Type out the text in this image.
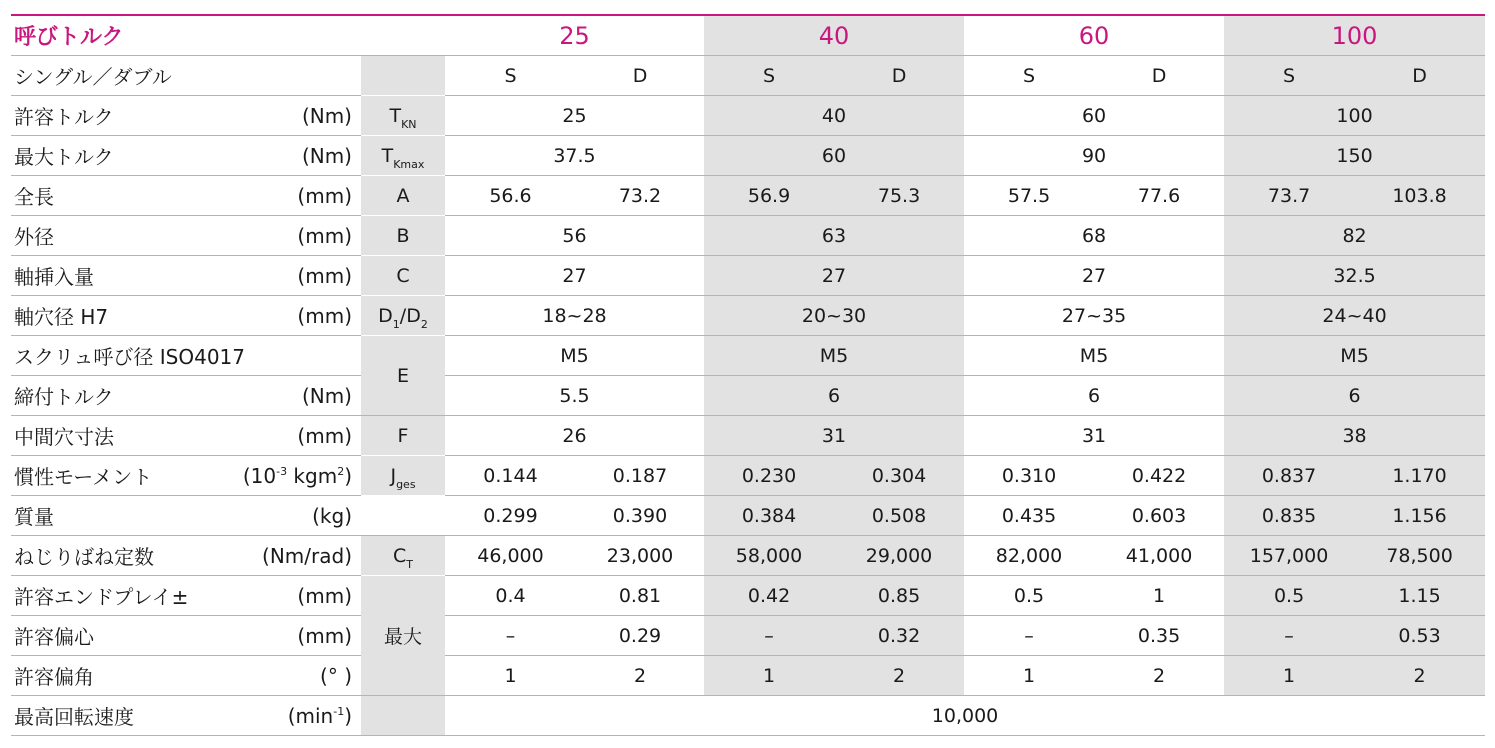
呼びトルク			25		40		60		100	
シングル／ダブル			S	D	S	D	S	D	S	D
許容トルク	(Nm)	$T_{KN}$	25		40		60		100	
最大トルク	(Nm)	$T_{Kmax}$	37.5		60		90		150	
全長	(mm)	A	56.6	73.2	56.9	75.3	57.5	77.6	73.7	103.8
外径	(mm)	B	56		63		68		82	
軸挿入量	(mm)	C	27		27		27		32.5	
軸穴径 H7	(mm)	$D_1/D_2$	18~28		20~30		27~35		24~40	
スクリュ呼び径 ISO4017		E	M5		M5		M5		M5	
締付トルク	(Nm)		5.5		6		6		6	
中間穴寸法	(mm)	F	26		31		31		38	
慣性モーメント	($10^{-3}$ kgm$^2$)	$J_{ges}$	0.144	0.187	0.230	0.304	0.310	0.422	0.837	1.170
質量	(kg)		0.299	0.390	0.384	0.508	0.435	0.603	0.835	1.156
ねじりばね定数	(Nm/rad)	$C_T$	46,000	23,000	58,000	29,000	82,000	41,000	157,000	78,500
許容エンドプレイ±	(mm)	最大	0.4	0.81	0.42	0.85	0.5	1	0.5	1.15
許容偏心	(mm)		–	0.29	–	0.32	–	0.35	–	0.53
許容偏角	(° )		1	2	1	2	1	2	1	2
最高回転速度	$(\min^{-1})$		10,000							
